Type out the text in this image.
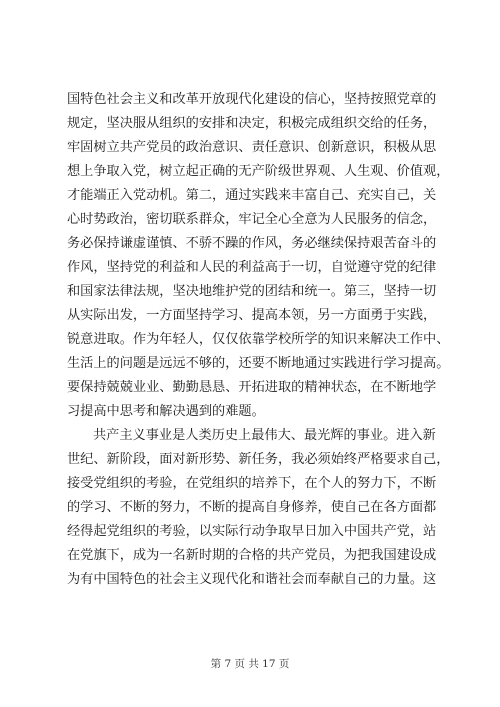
国特色社会主义和改革开放现代化建设的信心，坚持按照党章的
规定，坚决服从组织的安排和决定，积极完成组织交给的任务，
牢固树立共产党员的政治意识、责任意识、创新意识，积极从思
想上争取入党，树立起正确的无产阶级世界观、人生观、价值观，
才能端正入党动机。第二，通过实践来丰富自己、充实自己，关
心时势政治，密切联系群众，牢记全心全意为人民服务的信念，
务必保持谦虚谨慎、不骄不躁的作风，务必继续保持艰苦奋斗的
作风，坚持党的利益和人民的利益高于一切，自觉遵守党的纪律
和国家法律法规，坚决地维护党的团结和统一。第三，坚持一切
从实际出发，一方面坚持学习、提高本领，另一方面勇于实践，
锐意进取。作为年轻人，仅仅依靠学校所学的知识来解决工作中、
生活上的问题是远远不够的，还要不断地通过实践进行学习提高。
要保持兢兢业业、勤勤恳恳、开拓进取的精神状态，在不断地学
习提高中思考和解决遇到的难题。

共产主义事业是人类历史上最伟大、最光辉的事业。进入新
世纪、新阶段，面对新形势、新任务，我必须始终严格要求自己，
接受党组织的考验，在党组织的培养下，在个人的努力下，不断
的学习、不断的努力，不断的提高自身修养，使自己在各方面都
经得起党组织的考验，以实际行动争取早日加入中国共产党，站
在党旗下，成为一名新时期的合格的共产党员，为把我国建设成
为有中国特色的社会主义现代化和谐社会而奉献自己的力量。这

第 7 页 共 17 页
